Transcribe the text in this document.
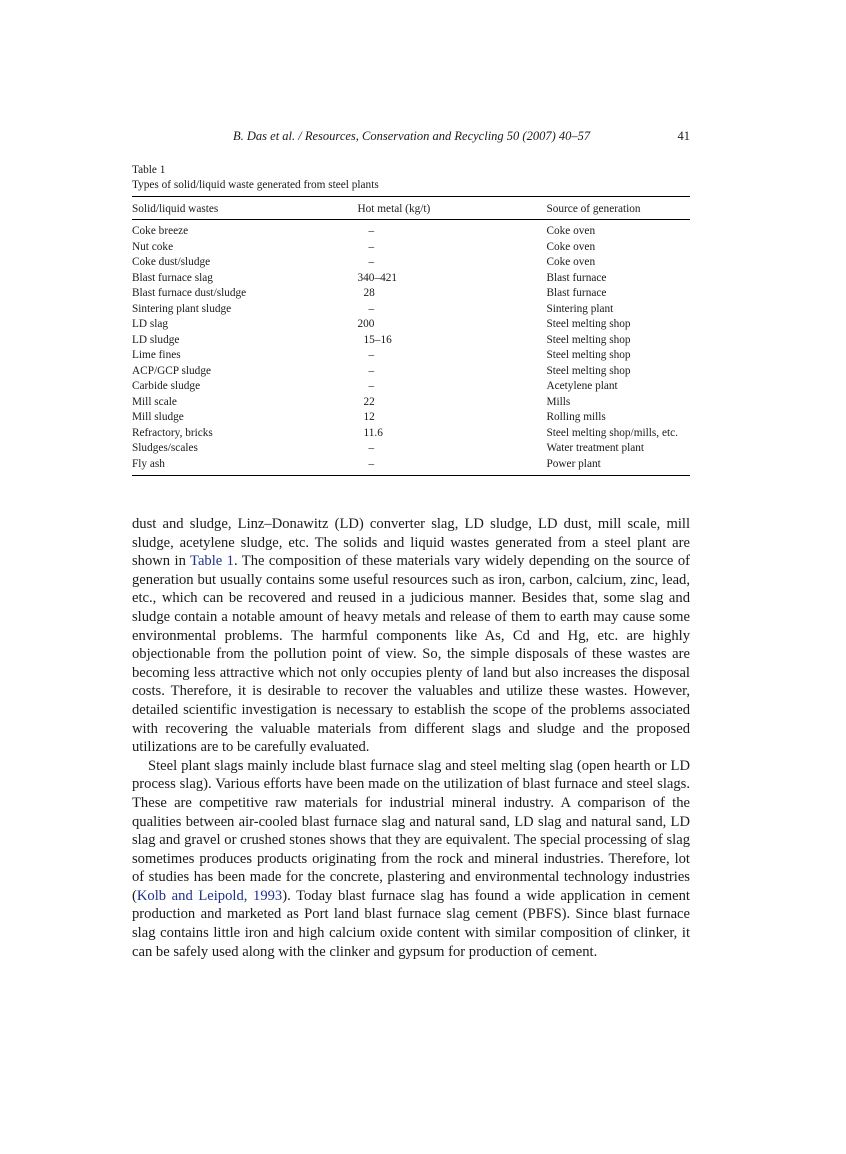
B. Das et al. / Resources, Conservation and Recycling 50 (2007) 40–57	41
Table 1
Types of solid/liquid waste generated from steel plants
Solid/liquid wastes	Hot metal (kg/t)	Source of generation
Coke breeze	–	Coke oven
Nut coke	–	Coke oven
Coke dust/sludge	–	Coke oven
Blast furnace slag	340–421	Blast furnace
Blast furnace dust/sludge	28	Blast furnace
Sintering plant sludge	–	Sintering plant
LD slag	200	Steel melting shop
LD sludge	15–16	Steel melting shop
Lime fines	–	Steel melting shop
ACP/GCP sludge	–	Steel melting shop
Carbide sludge	–	Acetylene plant
Mill scale	22	Mills
Mill sludge	12	Rolling mills
Refractory, bricks	11.6	Steel melting shop/mills, etc.
Sludges/scales	–	Water treatment plant
Fly ash	–	Power plant

dust and sludge, Linz–Donawitz (LD) converter slag, LD sludge, LD dust, mill scale, mill sludge, acetylene sludge, etc. The solids and liquid wastes generated from a steel plant are shown in Table 1. The composition of these materials vary widely depending on the source of generation but usually contains some useful resources such as iron, carbon, calcium, zinc, lead, etc., which can be recovered and reused in a judicious manner. Besides that, some slag and sludge contain a notable amount of heavy metals and release of them to earth may cause some environmental problems. The harmful components like As, Cd and Hg, etc. are highly objectionable from the pollution point of view. So, the simple disposals of these wastes are becoming less attractive which not only occupies plenty of land but also increases the disposal costs. Therefore, it is desirable to recover the valuables and utilize these wastes. However, detailed scientific investigation is necessary to establish the scope of the problems associated with recovering the valuable materials from different slags and sludge and the proposed utilizations are to be carefully evaluated.

Steel plant slags mainly include blast furnace slag and steel melting slag (open hearth or LD process slag). Various efforts have been made on the utilization of blast furnace and steel slags. These are competitive raw materials for industrial mineral industry. A comparison of the qualities between air-cooled blast furnace slag and natural sand, LD slag and natural sand, LD slag and gravel or crushed stones shows that they are equivalent. The special processing of slag sometimes produces products originating from the rock and mineral industries. Therefore, lot of studies has been made for the concrete, plastering and environmental technology industries (Kolb and Leipold, 1993). Today blast furnace slag has found a wide application in cement production and marketed as Port land blast furnace slag cement (PBFS). Since blast furnace slag contains little iron and high calcium oxide content with similar composition of clinker, it can be safely used along with the clinker and gypsum for production of cement.
